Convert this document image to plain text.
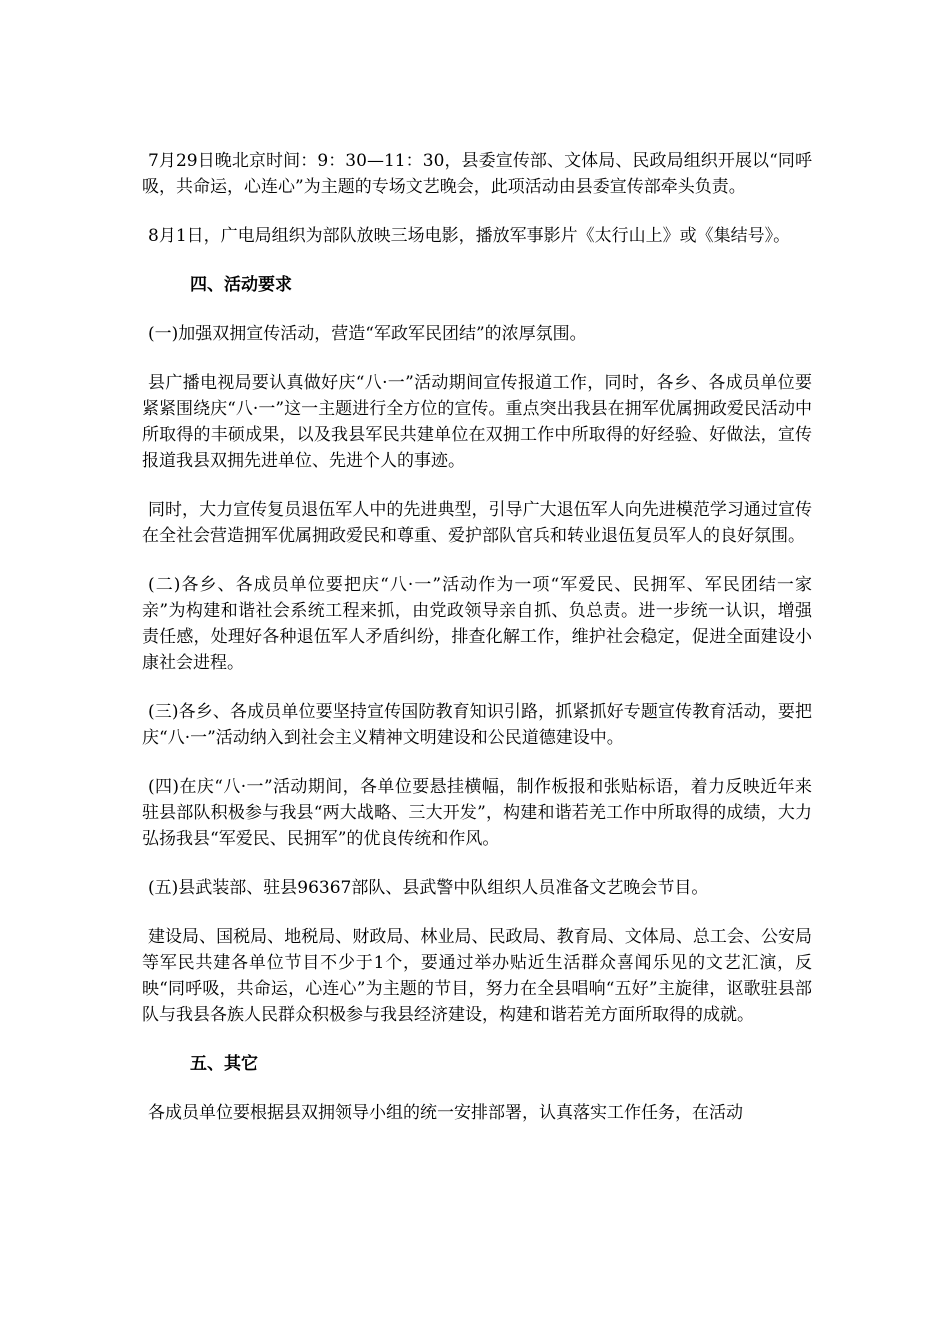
7月29日晚北京时间：9：30—11：30，县委宣传部、文体局、民政局组织开展以“同呼吸，共命运，心连心”为主题的专场文艺晚会，此项活动由县委宣传部牵头负责。

8月1日，广电局组织为部队放映三场电影，播放军事影片《太行山上》或《集结号》。

四、活动要求

(一)加强双拥宣传活动，营造“军政军民团结”的浓厚氛围。

县广播电视局要认真做好庆“八·一”活动期间宣传报道工作，同时，各乡、各成员单位要紧紧围绕庆“八·一”这一主题进行全方位的宣传。重点突出我县在拥军优属拥政爱民活动中所取得的丰硕成果，以及我县军民共建单位在双拥工作中所取得的好经验、好做法，宣传报道我县双拥先进单位、先进个人的事迹。

同时，大力宣传复员退伍军人中的先进典型，引导广大退伍军人向先进模范学习通过宣传在全社会营造拥军优属拥政爱民和尊重、爱护部队官兵和转业退伍复员军人的良好氛围。

(二)各乡、各成员单位要把庆“八·一”活动作为一项“军爱民、民拥军、军民团结一家亲”为构建和谐社会系统工程来抓，由党政领导亲自抓、负总责。进一步统一认识，增强责任感，处理好各种退伍军人矛盾纠纷，排查化解工作，维护社会稳定，促进全面建设小康社会进程。

(三)各乡、各成员单位要坚持宣传国防教育知识引路，抓紧抓好专题宣传教育活动，要把庆“八·一”活动纳入到社会主义精神文明建设和公民道德建设中。

(四)在庆“八·一”活动期间，各单位要悬挂横幅，制作板报和张贴标语，着力反映近年来驻县部队积极参与我县“两大战略、三大开发”，构建和谐若羌工作中所取得的成绩，大力弘扬我县“军爱民、民拥军”的优良传统和作风。

(五)县武装部、驻县96367部队、县武警中队组织人员准备文艺晚会节目。

建设局、国税局、地税局、财政局、林业局、民政局、教育局、文体局、总工会、公安局等军民共建各单位节目不少于1个，要通过举办贴近生活群众喜闻乐见的文艺汇演，反映“同呼吸，共命运，心连心”为主题的节目，努力在全县唱响“五好”主旋律，讴歌驻县部队与我县各族人民群众积极参与我县经济建设，构建和谐若羌方面所取得的成就。

五、其它

各成员单位要根据县双拥领导小组的统一安排部署，认真落实工作任务，在活动
